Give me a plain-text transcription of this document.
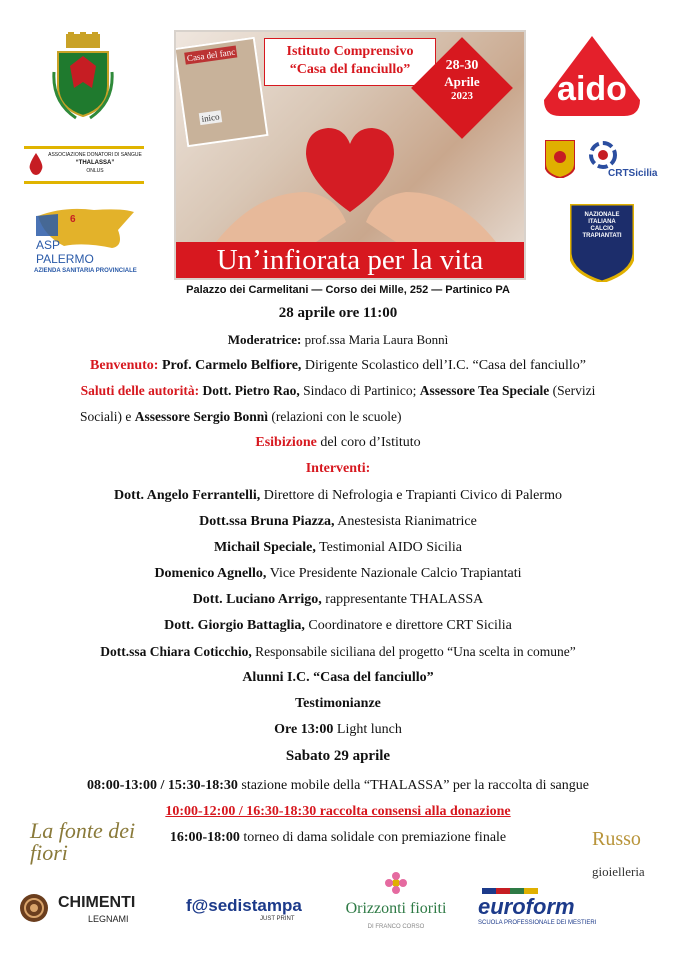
ASSOCIAZIONE DONATORI DI SANGUE
“THALASSA”
ONLUS
6
ASP
PALERMO
AZIENDA SANITARIA PROVINCIALE
Casa del fanc
inico
Istituto Comprensivo
“Casa del fanciullo”	28-30
Aprile
2023
Un’infiorata per la vita
Palazzo dei Carmelitani — Corso dei Mille, 252 — Partinico PA
aido
CRTSicilia
NAZIONALE
ITALIANA
CALCIO
TRAPIANTATI
28 aprile ore 11:00
Moderatrice: prof.ssa Maria Laura Bonnì
Benvenuto: Prof. Carmelo Belfiore, Dirigente Scolastico dell’I.C. “Casa del fanciullo”
Saluti delle autorità: Dott. Pietro Rao, Sindaco di Partinico; Assessore Tea Speciale (Servizi
Sociali) e Assessore Sergio Bonnì (relazioni con le scuole)
Esibizione del coro d’Istituto
Interventi:
Dott. Angelo Ferrantelli, Direttore di Nefrologia e Trapianti Civico di Palermo
Dott.ssa Bruna Piazza, Anestesista Rianimatrice
Michail Speciale, Testimonial AIDO Sicilia
Domenico Agnello, Vice Presidente Nazionale Calcio Trapiantati
Dott. Luciano Arrigo, rappresentante THALASSA
Dott. Giorgio Battaglia, Coordinatore e direttore CRT Sicilia
Dott.ssa Chiara Coticchio, Responsabile siciliana del progetto “Una scelta in comune”
Alunni I.C. “Casa del fanciullo”
Testimonianze
Ore 13:00 Light lunch
Sabato 29 aprile
08:00-13:00 / 15:30-18:30 stazione mobile della “THALASSA” per la raccolta di sangue
10:00-12:00 / 16:30-18:30 raccolta consensi alla donazione
16:00-18:00 torneo di dama solidale con premiazione finale
La fonte dei fiori
Russo
gioielleria
CHIMENTI
LEGNAMI
f@sedistampa
JUST PRINT
Orizzonti fioriti
DI FRANCO CORSO
euroform
SCUOLA PROFESSIONALE DEI MESTIERI
